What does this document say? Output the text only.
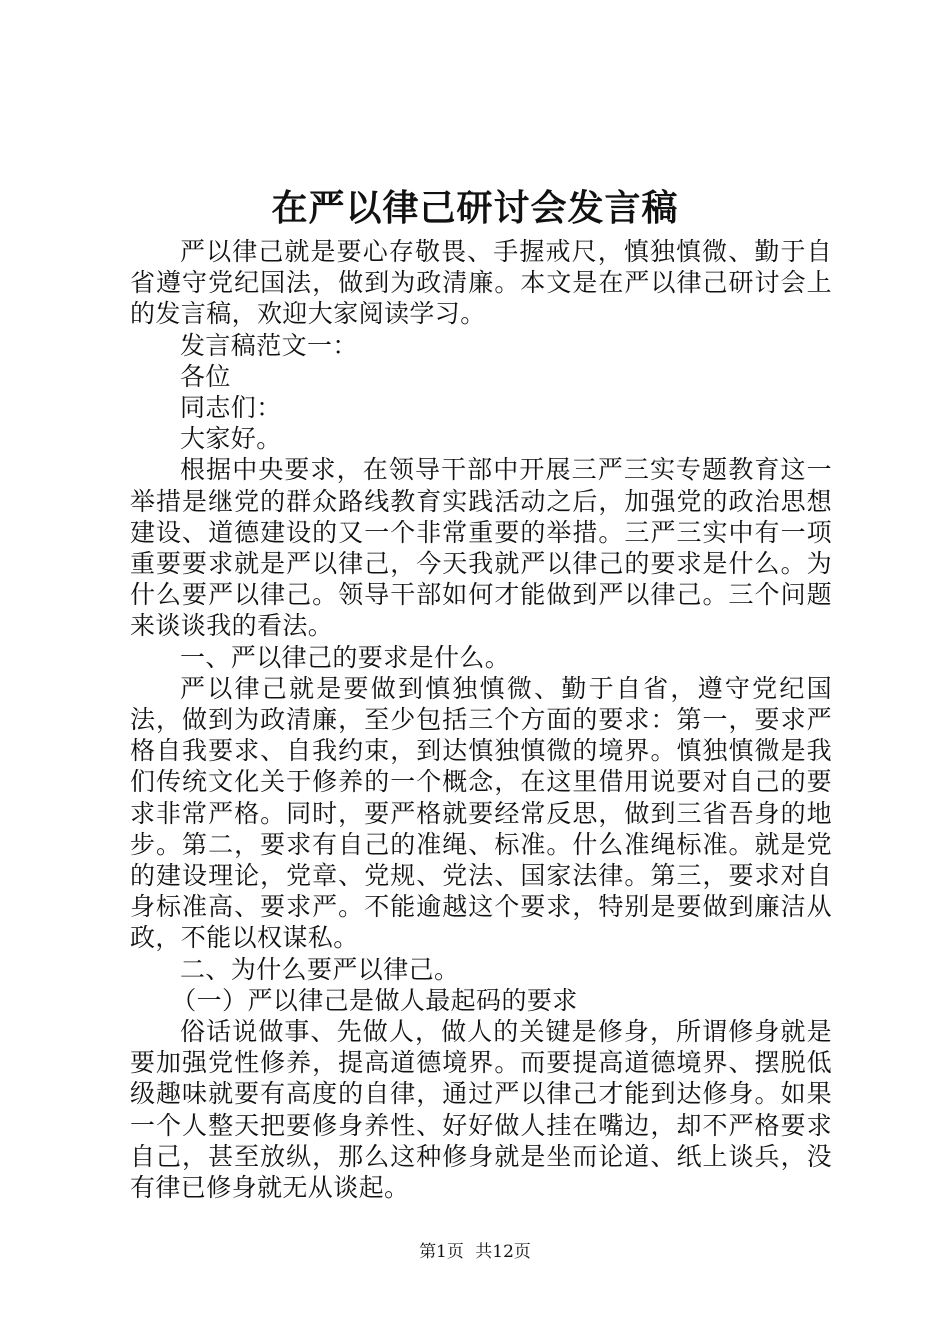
在严以律己研讨会发言稿

严以律己就是要心存敬畏、手握戒尺，慎独慎微、勤于自省遵守党纪国法，做到为政清廉。本文是在严以律己研讨会上的发言稿，欢迎大家阅读学习。

发言稿范文一：

各位

同志们：

大家好。

根据中央要求，在领导干部中开展三严三实专题教育这一举措是继党的群众路线教育实践活动之后，加强党的政治思想建设、道德建设的又一个非常重要的举措。三严三实中有一项重要要求就是严以律己，今天我就严以律己的要求是什么。为什么要严以律己。领导干部如何才能做到严以律己。三个问题来谈谈我的看法。

一、严以律己的要求是什么。

严以律己就是要做到慎独慎微、勤于自省，遵守党纪国法，做到为政清廉，至少包括三个方面的要求：第一，要求严格自我要求、自我约束，到达慎独慎微的境界。慎独慎微是我们传统文化关于修养的一个概念，在这里借用说要对自己的要求非常严格。同时，要严格就要经常反思，做到三省吾身的地步。第二，要求有自己的准绳、标准。什么准绳标准。就是党的建设理论，党章、党规、党法、国家法律。第三，要求对自身标准高、要求严。不能逾越这个要求，特别是要做到廉洁从政，不能以权谋私。

二、为什么要严以律己。

（一）严以律己是做人最起码的要求

俗话说做事、先做人，做人的关键是修身，所谓修身就是要加强党性修养，提高道德境界。而要提高道德境界、摆脱低级趣味就要有高度的自律，通过严以律己才能到达修身。如果一个人整天把要修身养性、好好做人挂在嘴边，却不严格要求自己，甚至放纵，那么这种修身就是坐而论道、纸上谈兵，没有律已修身就无从谈起。

第1页 共12页
